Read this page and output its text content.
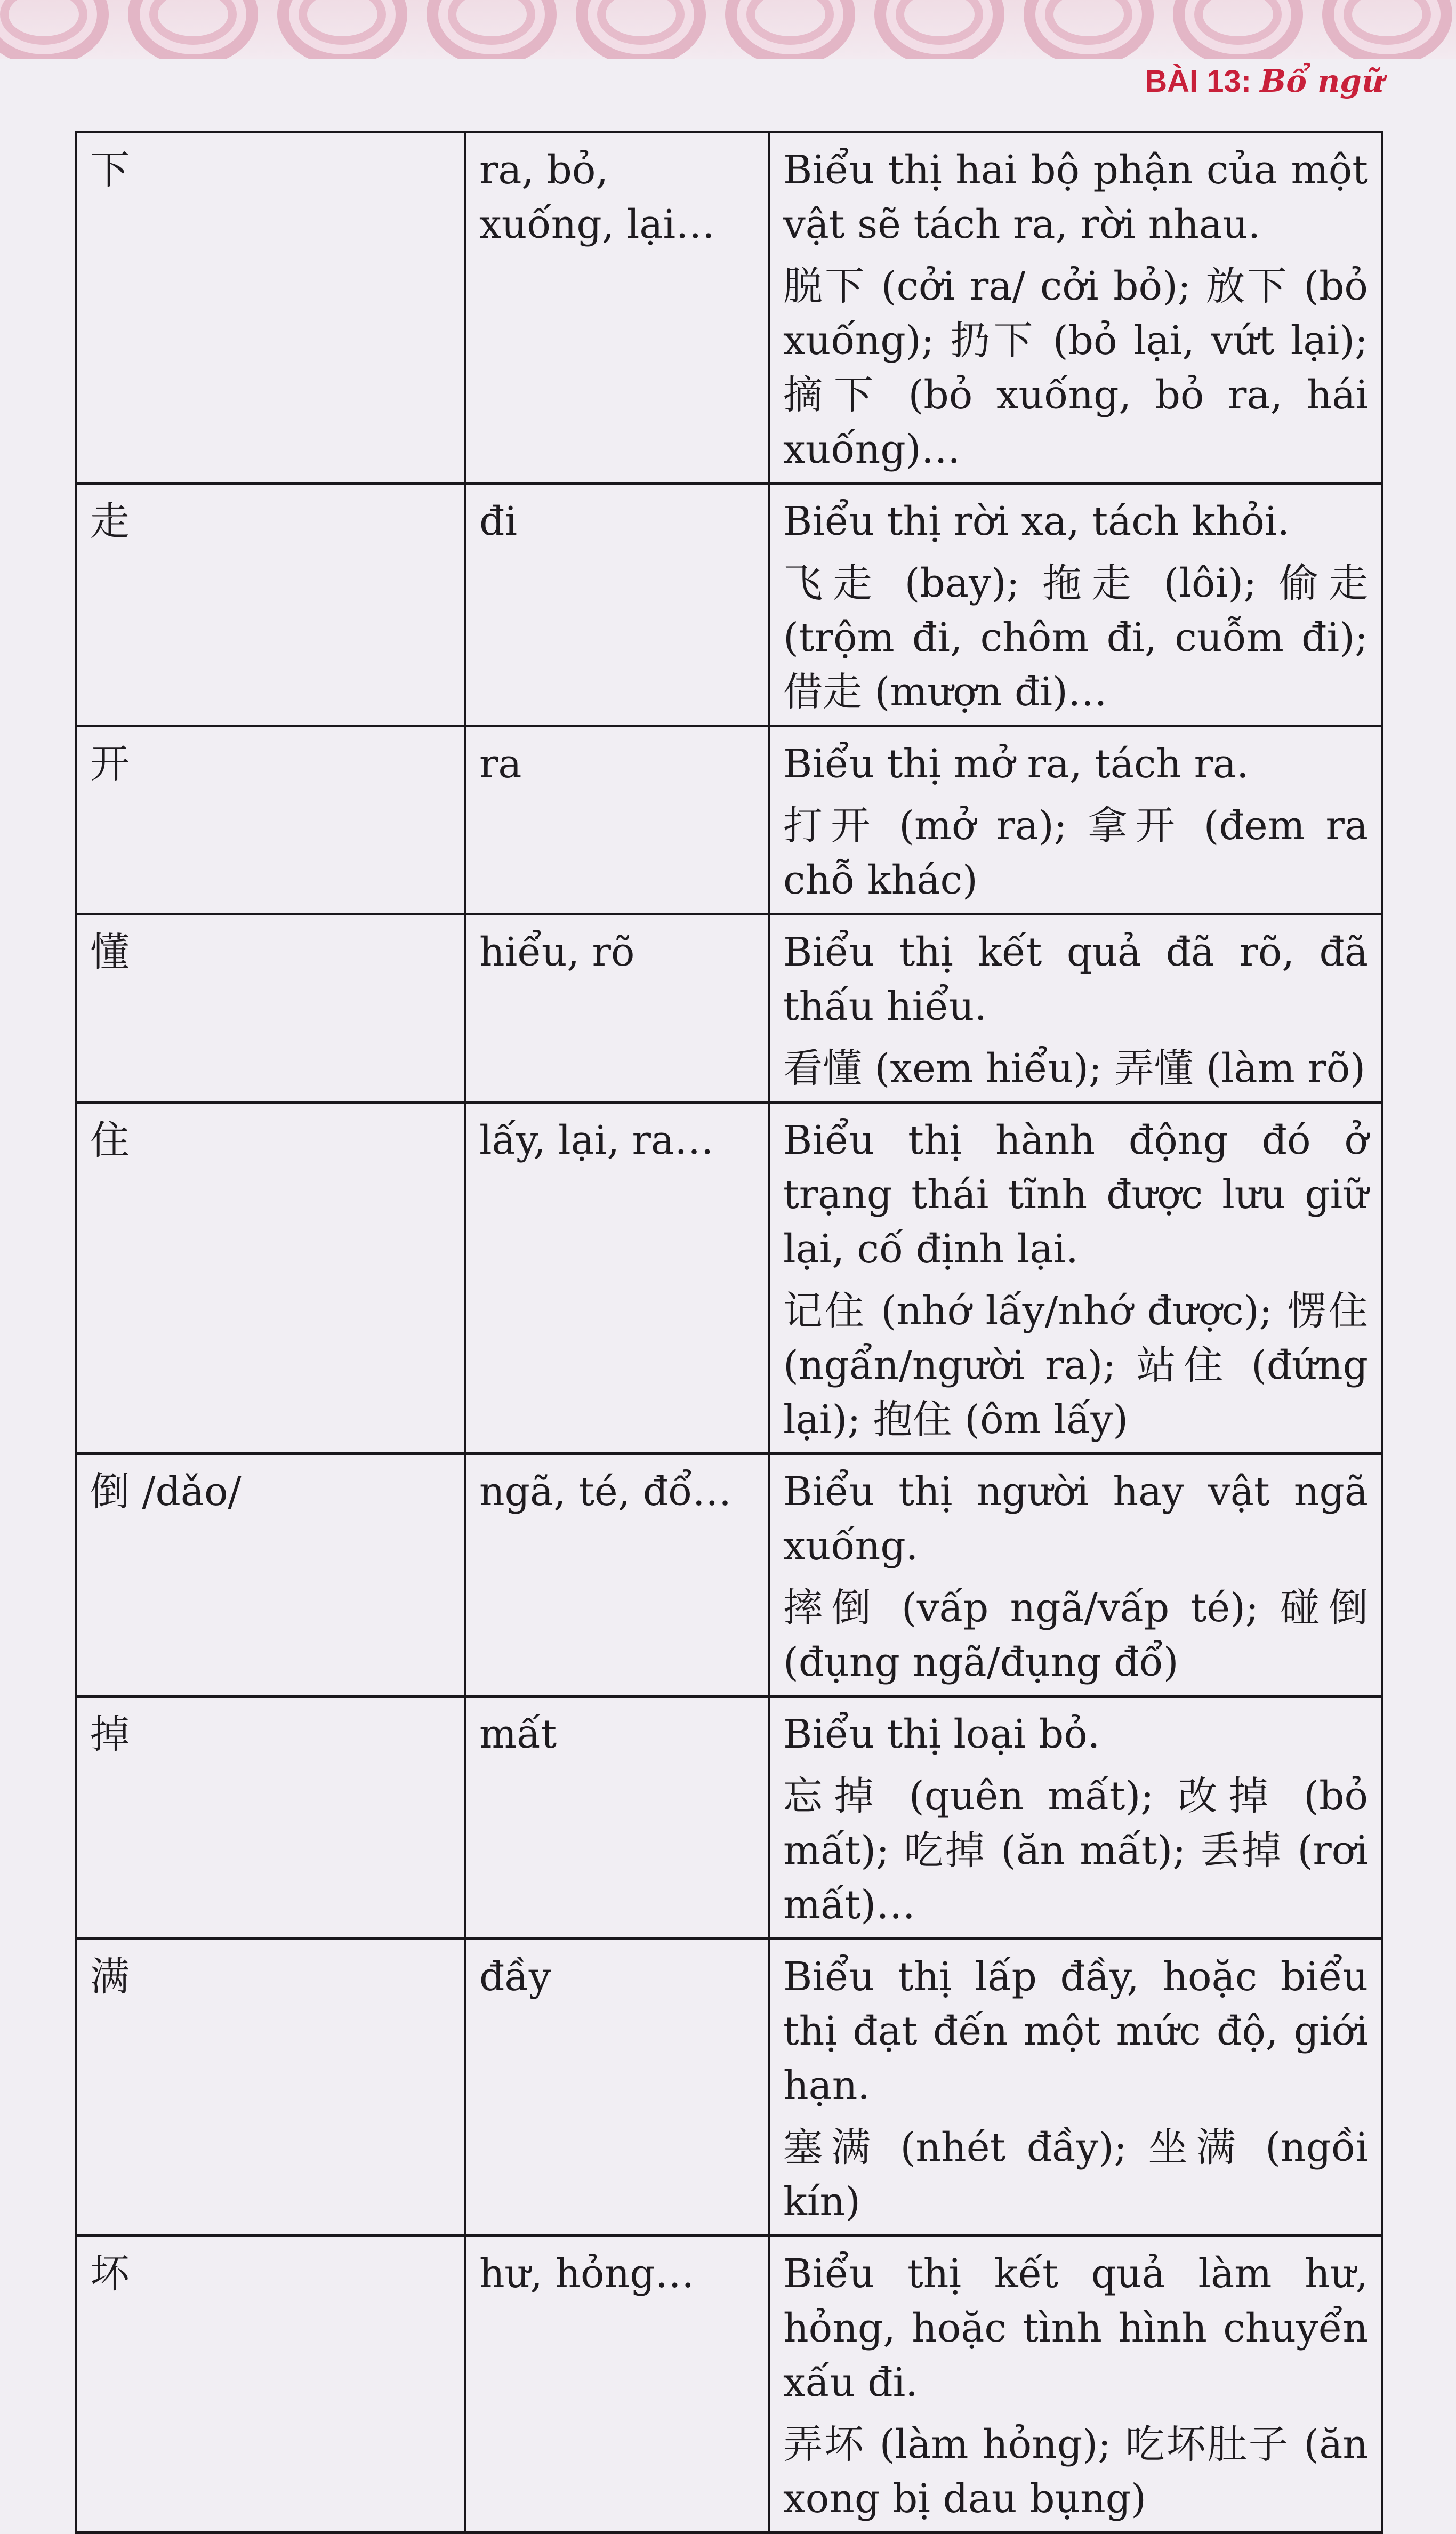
BÀI 13: Bổ ngữ
下	ra, bỏ, xuống, lại…	Biểu thị hai bộ phận của một vật sẽ tách ra, rời nhau.

脱下 (cởi ra/ cởi bỏ); 放下 (bỏ xuống); 扔下 (bỏ lại, vứt lại); 摘下 (bỏ xuống, bỏ ra, hái xuống)…

走	đi	Biểu thị rời xa, tách khỏi.

飞走 (bay); 拖走 (lôi); 偷走 (trộm đi, chôm đi, cuỗm đi); 借走 (mượn đi)…

开	ra	Biểu thị mở ra, tách ra.

打开 (mở ra); 拿开 (đem ra chỗ khác)

懂	hiểu, rõ	Biểu thị kết quả đã rõ, đã thấu hiểu.

看懂 (xem hiểu); 弄懂 (làm rõ)

住	lấy, lại, ra…	Biểu thị hành động đó ở trạng thái tĩnh được lưu giữ lại, cố định lại.

记住 (nhớ lấy/nhớ được); 愣住 (ngẩn/người ra); 站住 (đứng lại); 抱住 (ôm lấy)

倒 /dǎo/	ngã, té, đổ…	Biểu thị người hay vật ngã xuống.

摔倒 (vấp ngã/vấp té); 碰倒 (đụng ngã/đụng đổ)

掉	mất	Biểu thị loại bỏ.

忘掉 (quên mất); 改掉 (bỏ mất); 吃掉 (ăn mất); 丢掉 (rơi mất)…

满	đầy	Biểu thị lấp đầy, hoặc biểu thị đạt đến một mức độ, giới hạn.

塞满 (nhét đầy); 坐满 (ngồi kín)

坏	hư, hỏng…	Biểu thị kết quả làm hư, hỏng, hoặc tình hình chuyển xấu đi.

弄坏 (làm hỏng); 吃坏肚子 (ăn xong bị dau bụng)
